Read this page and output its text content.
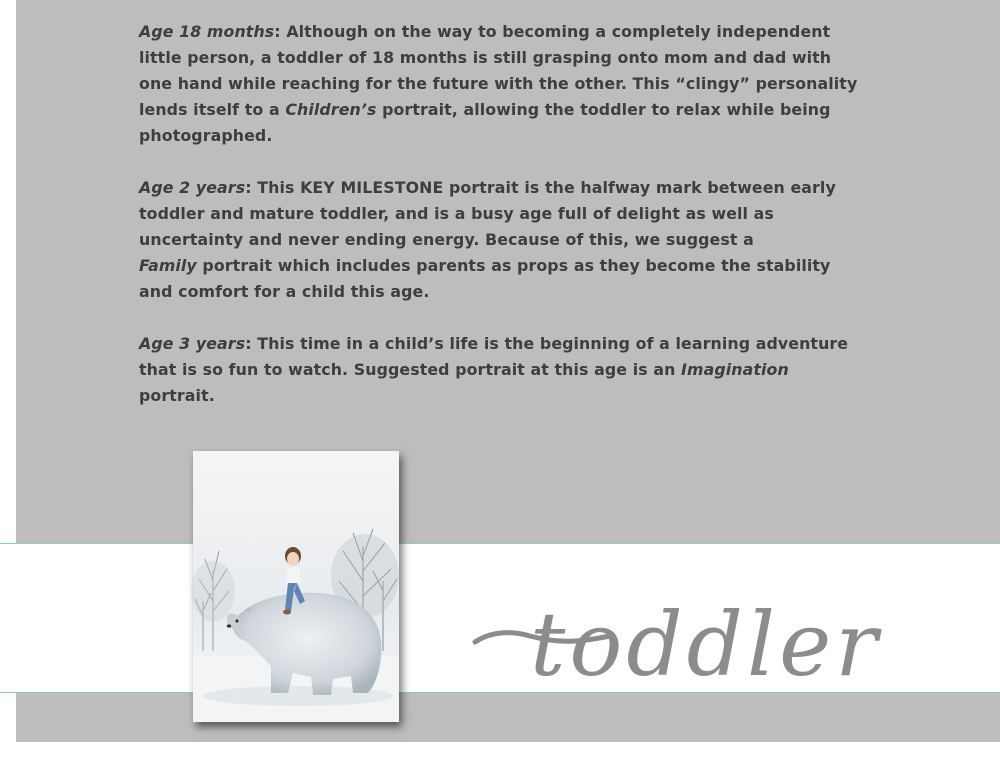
Age 18 months: Although on the way to becoming a completely independent little person, a toddler of 18 months is still grasping onto mom and dad with one hand while reaching for the future with the other. This “clingy” personality lends itself to a Children’s portrait, allowing the toddler to relax while being photographed.

Age 2 years: This KEY MILESTONE portrait is the halfway mark between early toddler and mature toddler, and is a busy age full of delight as well as uncertainty and never ending energy. Because of this, we suggest a
Family portrait which includes parents as props as they become the stability and comfort for a child this age.

Age 3 years: This time in a child’s life is the beginning of a learning adventure that is so fun to watch. Suggested portrait at this age is an Imagination portrait.

toddler
